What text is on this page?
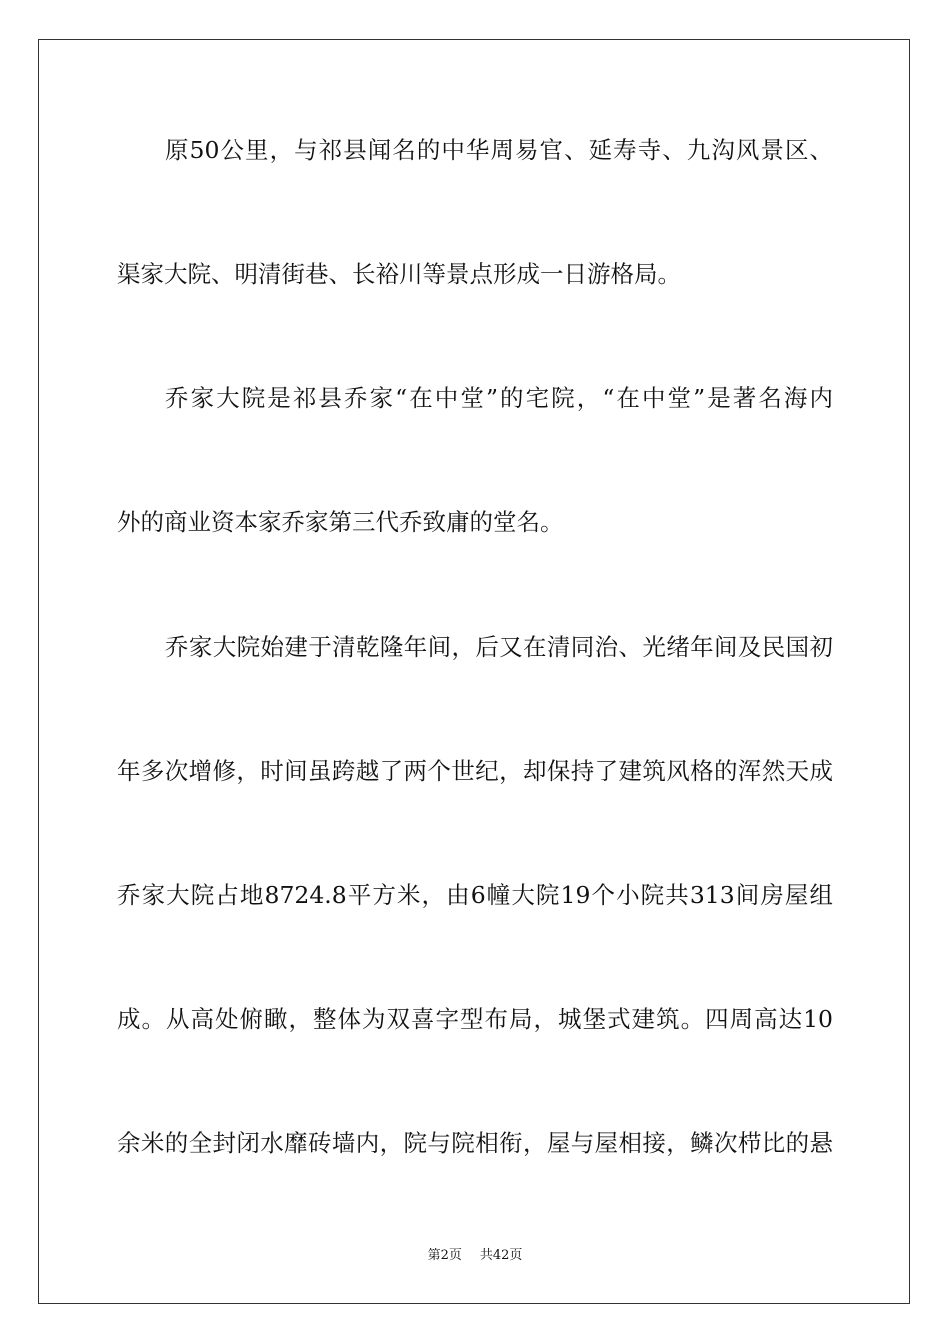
原50公里，与祁县闻名的中华周易官、延寿寺、九沟风景区、
渠家大院、明清街巷、长裕川等景点形成一日游格局。
乔家大院是祁县乔家“在中堂”的宅院，“在中堂”是著名海内
外的商业资本家乔家第三代乔致庸的堂名。
乔家大院始建于清乾隆年间，后又在清同治、光绪年间及民国初
年多次增修，时间虽跨越了两个世纪，却保持了建筑风格的浑然天成
乔家大院占地8724.8平方米，由6幢大院19个小院共313间房屋组
成。从高处俯瞰，整体为双喜字型布局，城堡式建筑。四周高达10
余米的全封闭水靡砖墙内，院与院相衔，屋与屋相接，鳞次栉比的悬
第2页 共42页
